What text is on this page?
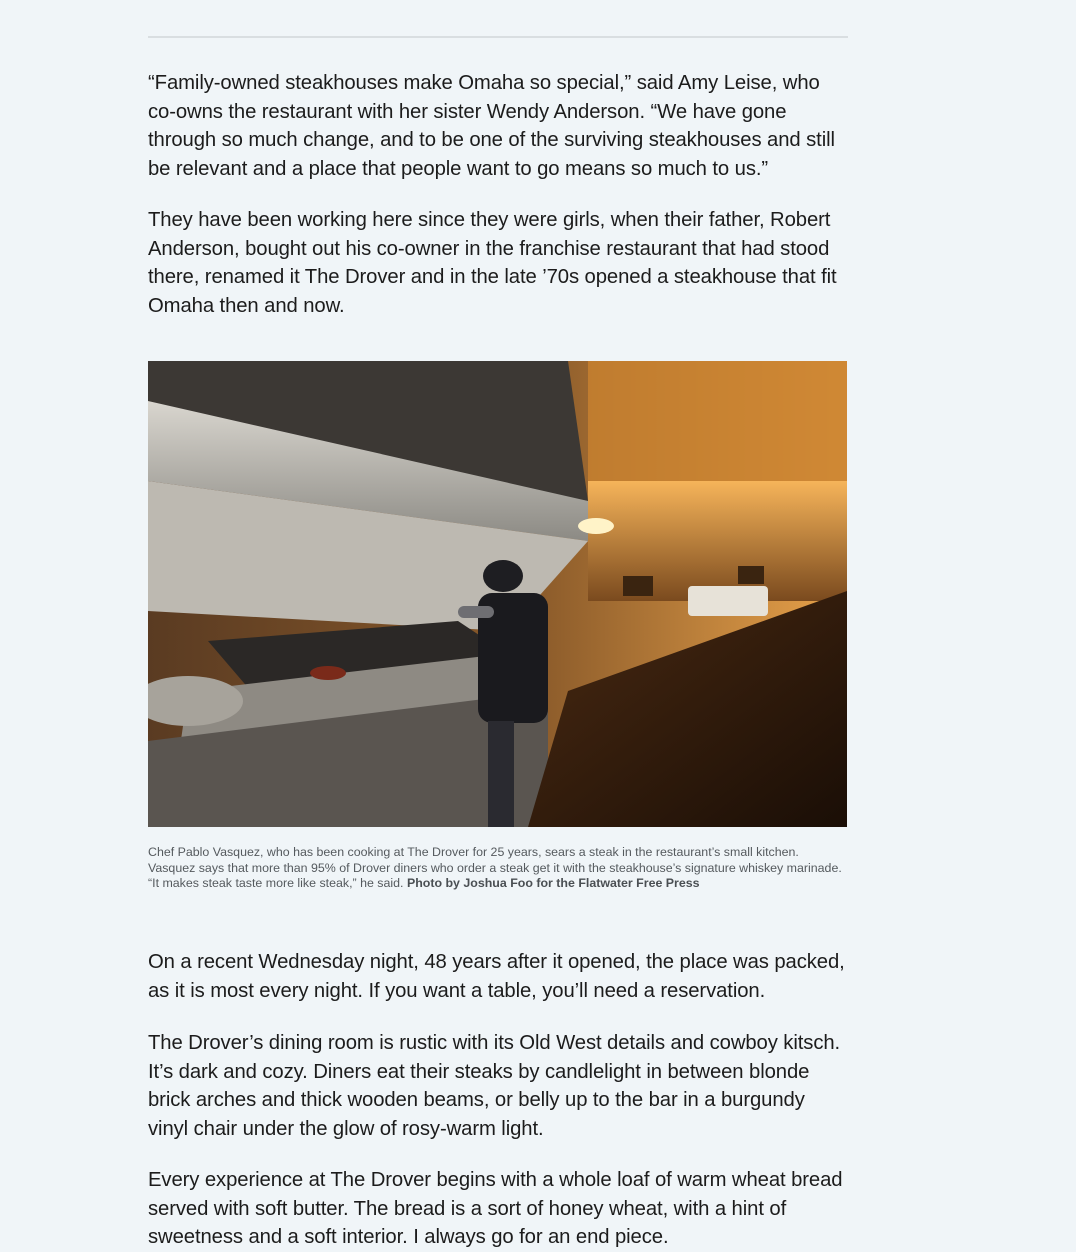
“Family-owned steakhouses make Omaha so special,” said Amy Leise, who co-owns the restaurant with her sister Wendy Anderson. “We have gone through so much change, and to be one of the surviving steakhouses and still be relevant and a place that people want to go means so much to us.”

They have been working here since they were girls, when their father, Robert Anderson, bought out his co-owner in the franchise restaurant that had stood there, renamed it The Drover and in the late ’70s opened a steakhouse that fit Omaha then and now.

Chef Pablo Vasquez, who has been cooking at The Drover for 25 years, sears a steak in the restaurant’s small kitchen. Vasquez says that more than 95% of Drover diners who order a steak get it with the steakhouse’s signature whiskey marinade. “It makes steak taste more like steak,” he said. Photo by Joshua Foo for the Flatwater Free Press

On a recent Wednesday night, 48 years after it opened, the place was packed, as it is most every night. If you want a table, you’ll need a reservation.

The Drover’s dining room is rustic with its Old West details and cowboy kitsch. It’s dark and cozy. Diners eat their steaks by candlelight in between blonde brick arches and thick wooden beams, or belly up to the bar in a burgundy vinyl chair under the glow of rosy-warm light.

Every experience at The Drover begins with a whole loaf of warm wheat bread served with soft butter. The bread is a sort of honey wheat, with a hint of sweetness and a soft interior. I always go for an end piece.
